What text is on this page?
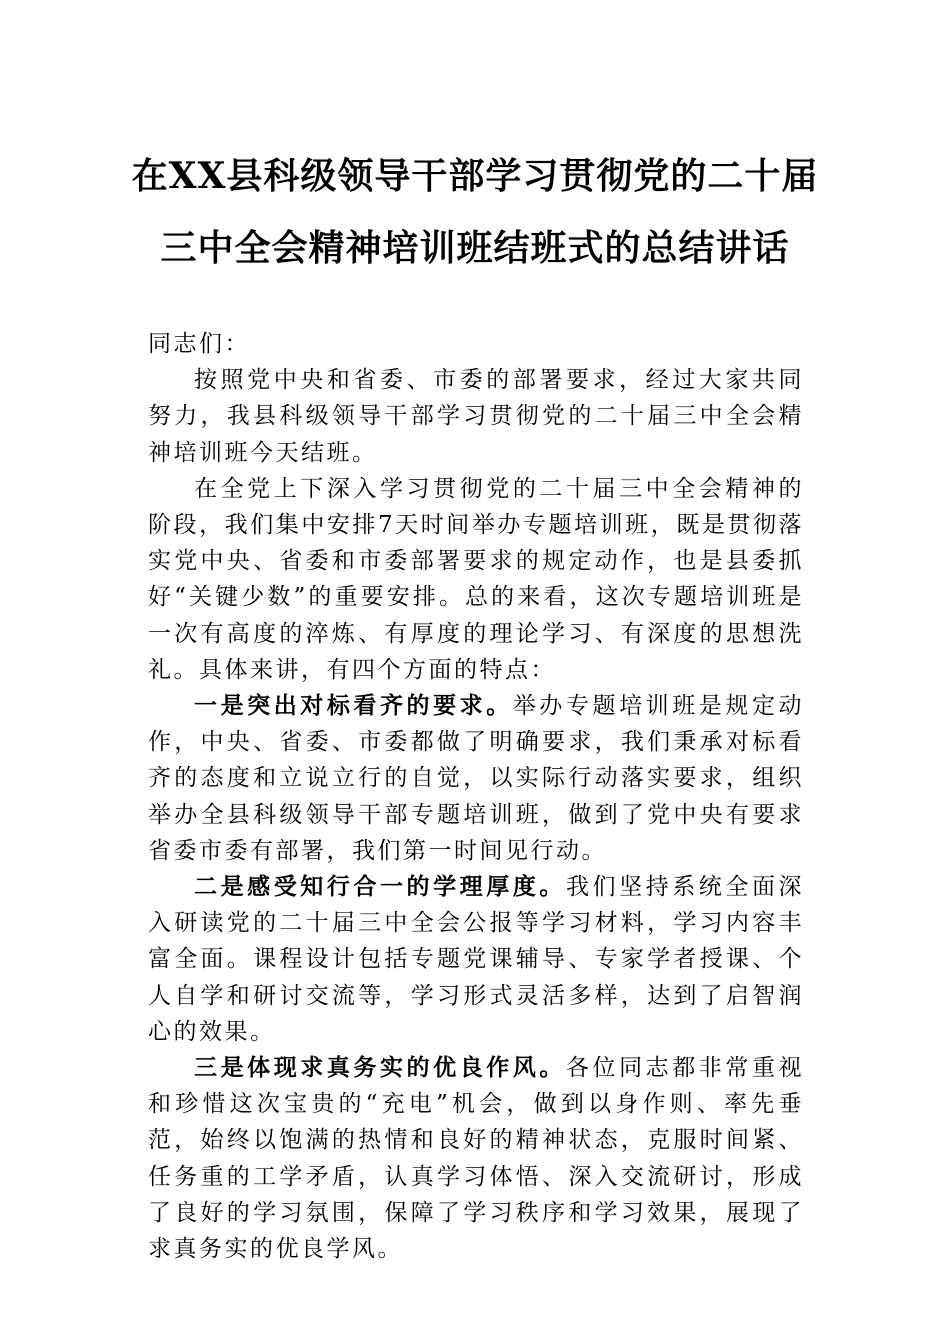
在XX县科级领导干部学习贯彻党的二十届
三中全会精神培训班结班式的总结讲话

同志们：

按照党中央和省委、市委的部署要求，经过大家共同努力，我县科级领导干部学习贯彻党的二十届三中全会精神培训班今天结班。

在全党上下深入学习贯彻党的二十届三中全会精神的阶段，我们集中安排7天时间举办专题培训班，既是贯彻落实党中央、省委和市委部署要求的规定动作，也是县委抓好“关键少数”的重要安排。总的来看，这次专题培训班是一次有高度的淬炼、有厚度的理论学习、有深度的思想洗礼。具体来讲，有四个方面的特点：

一是突出对标看齐的要求。举办专题培训班是规定动作，中央、省委、市委都做了明确要求，我们秉承对标看齐的态度和立说立行的自觉，以实际行动落实要求，组织举办全县科级领导干部专题培训班，做到了党中央有要求省委市委有部署，我们第一时间见行动。

二是感受知行合一的学理厚度。我们坚持系统全面深入研读党的二十届三中全会公报等学习材料，学习内容丰富全面。课程设计包括专题党课辅导、专家学者授课、个人自学和研讨交流等，学习形式灵活多样，达到了启智润心的效果。

三是体现求真务实的优良作风。各位同志都非常重视和珍惜这次宝贵的“充电”机会，做到以身作则、率先垂范，始终以饱满的热情和良好的精神状态，克服时间紧、任务重的工学矛盾，认真学习体悟、深入交流研讨，形成了良好的学习氛围，保障了学习秩序和学习效果，展现了求真务实的优良学风。
